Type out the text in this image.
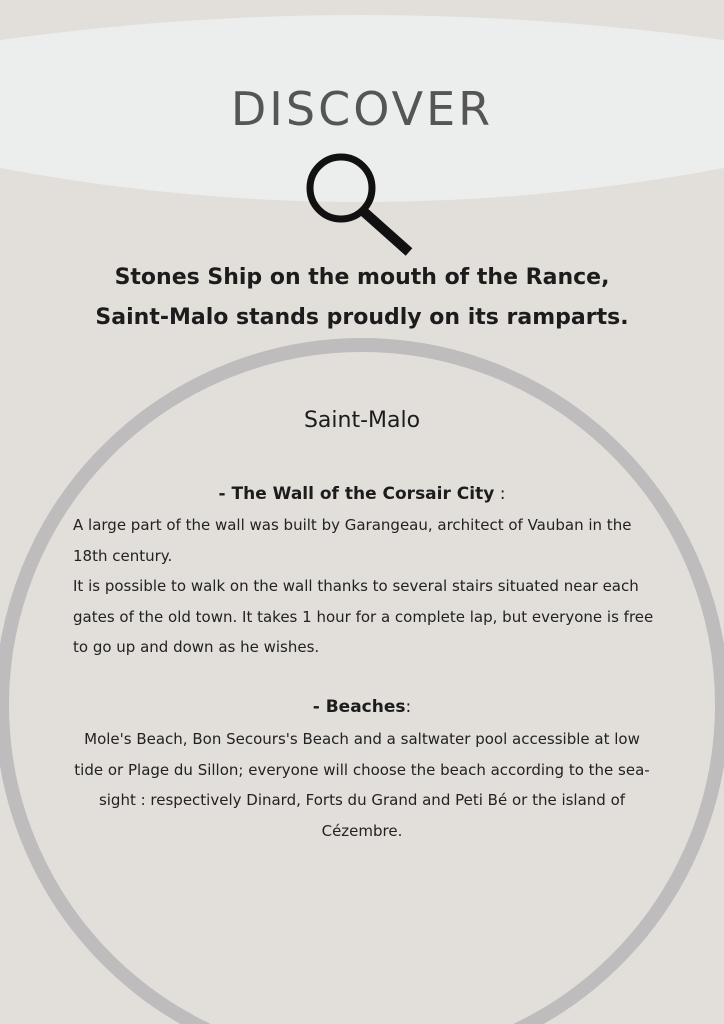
DISCOVER
Stones Ship on the mouth of the Rance,
Saint-Malo stands proudly on its ramparts.
Saint-Malo
- The Wall of the Corsair City :

A large part of the wall was built by Garangeau, architect of Vauban in the 18th century.

It is possible to walk on the wall thanks to several stairs situated near each gates of the old town. It takes 1 hour for a complete lap, but everyone is free to go up and down as he wishes.

- Beaches:

Mole's Beach, Bon Secours's Beach and a saltwater pool accessible at low tide or Plage du Sillon; everyone will choose the beach according to the sea-sight : respectively Dinard, Forts du Grand and Peti Bé or the island of Cézembre.
